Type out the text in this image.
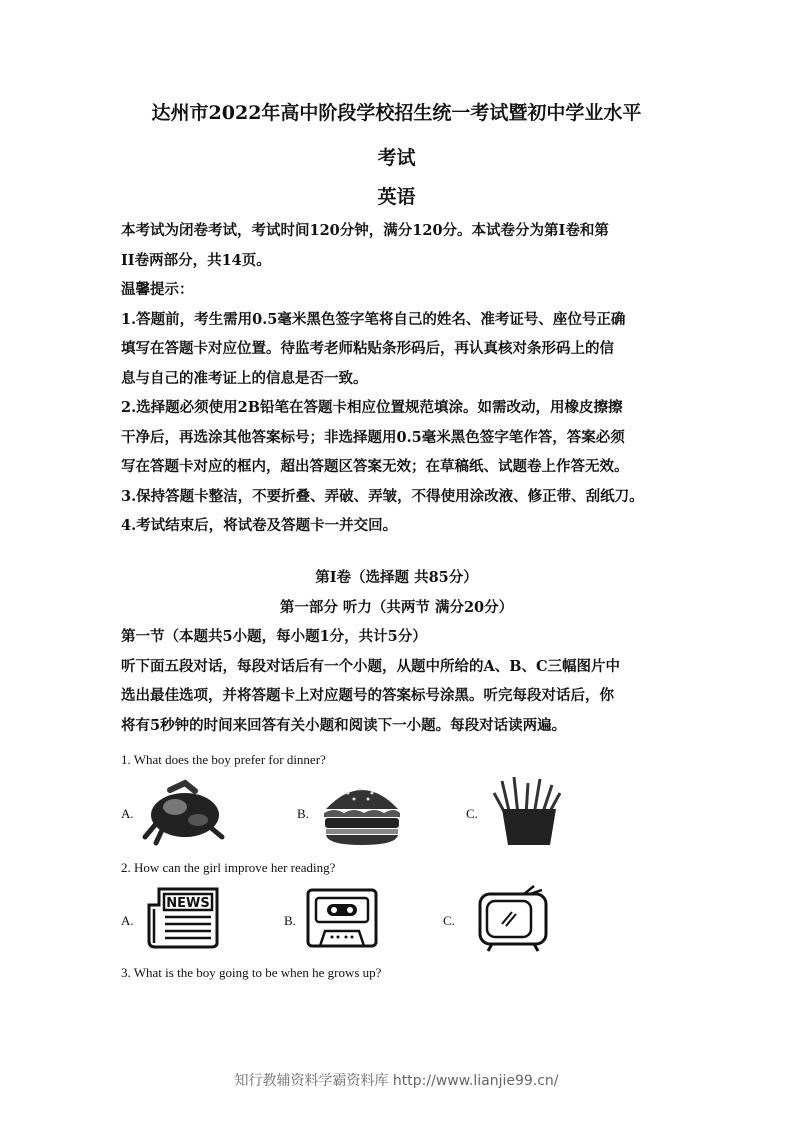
达州市2022年高中阶段学校招生统一考试暨初中学业水平
考试
英语
本考试为闭卷考试，考试时间120分钟，满分120分。本试卷分为第I卷和第
II卷两部分，共14页。
温馨提示：
1.答题前，考生需用0.5毫米黑色签字笔将自己的姓名、准考证号、座位号正确
填写在答题卡对应位置。待监考老师粘贴条形码后，再认真核对条形码上的信
息与自己的准考证上的信息是否一致。
2.选择题必须使用2B铅笔在答题卡相应位置规范填涂。如需改动，用橡皮擦擦
干净后，再选涂其他答案标号；非选择题用0.5毫米黑色签字笔作答，答案必须
写在答题卡对应的框内，超出答题区答案无效；在草稿纸、试题卷上作答无效。
3.保持答题卡整洁，不要折叠、弄破、弄皱，不得使用涂改液、修正带、刮纸刀。
4.考试结束后，将试卷及答题卡一并交回。
第I卷（选择题 共85分）
第一部分 听力（共两节 满分20分）
第一节（本题共5小题，每小题1分，共计5分）
听下面五段对话，每段对话后有一个小题，从题中所给的A、B、C三幅图片中
选出最佳选项，并将答题卡上对应题号的答案标号涂黑。听完每段对话后，你
将有5秒钟的时间来回答有关小题和阅读下一小题。每段对话读两遍。
1. What does the boy prefer for dinner?
A.	B.	C.
2. How can the girl improve her reading?
A.	B.	C.
NEWS
3. What is the boy going to be when he grows up?
知行教辅资料学霸资料库 http://www.lianjie99.cn/
